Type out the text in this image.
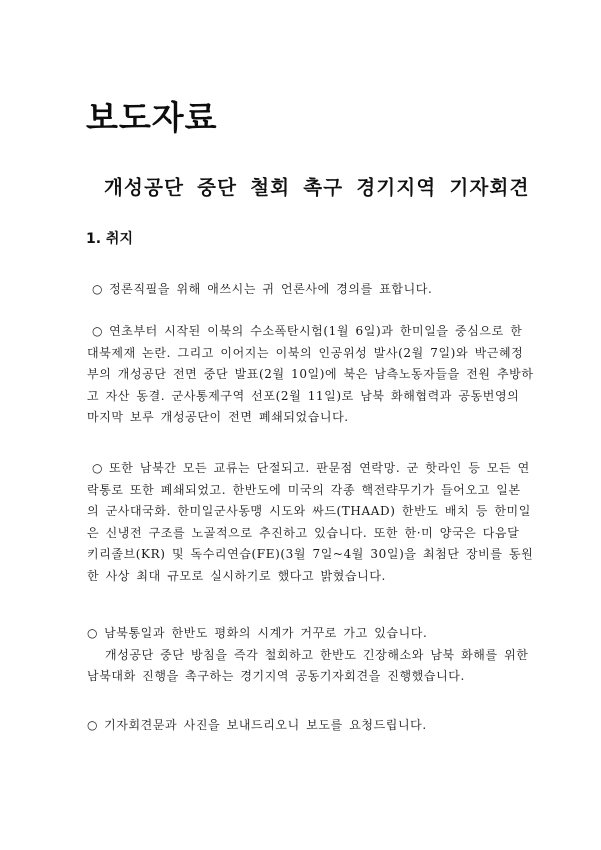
보도자료
개성공단 중단 철회 촉구 경기지역 기자회견
1. 취지

○ 정론직필을 위해 애쓰시는 귀 언론사에 경의를 표합니다.

○ 연초부터 시작된 이북의 수소폭탄시험(1월 6일)과 한미일을 중심으로 한
대북제재 논란. 그리고 이어지는 이북의 인공위성 발사(2월 7일)와 박근혜정
부의 개성공단 전면 중단 발표(2월 10일)에 북은 남측노동자들을 전원 추방하
고 자산 동결. 군사통제구역 선포(2월 11일)로 남북 화해협력과 공동번영의
마지막 보루 개성공단이 전면 폐쇄되었습니다.

○ 또한 남북간 모든 교류는 단절되고. 판문점 연락망. 군 핫라인 등 모든 연
락통로 또한 폐쇄되었고. 한반도에 미국의 각종 핵전략무기가 들어오고 일본
의 군사대국화. 한미일군사동맹 시도와 싸드(THAAD) 한반도 배치 등 한미일
은 신냉전 구조를 노골적으로 추진하고 있습니다. 또한 한·미 양국은 다음달
키리졸브(KR) 및 독수리연습(FE)(3월 7일~4월 30일)을 최첨단 장비를 동원
한 사상 최대 규모로 실시하기로 했다고 밝혔습니다.

○ 남북통일과 한반도 평화의 시계가 거꾸로 가고 있습니다.
개성공단 중단 방침을 즉각 철회하고 한반도 긴장해소와 남북 화해를 위한
남북대화 진행을 촉구하는 경기지역 공동기자회견을 진행했습니다.

○ 기자회견문과 사진을 보내드리오니 보도를 요청드립니다.
